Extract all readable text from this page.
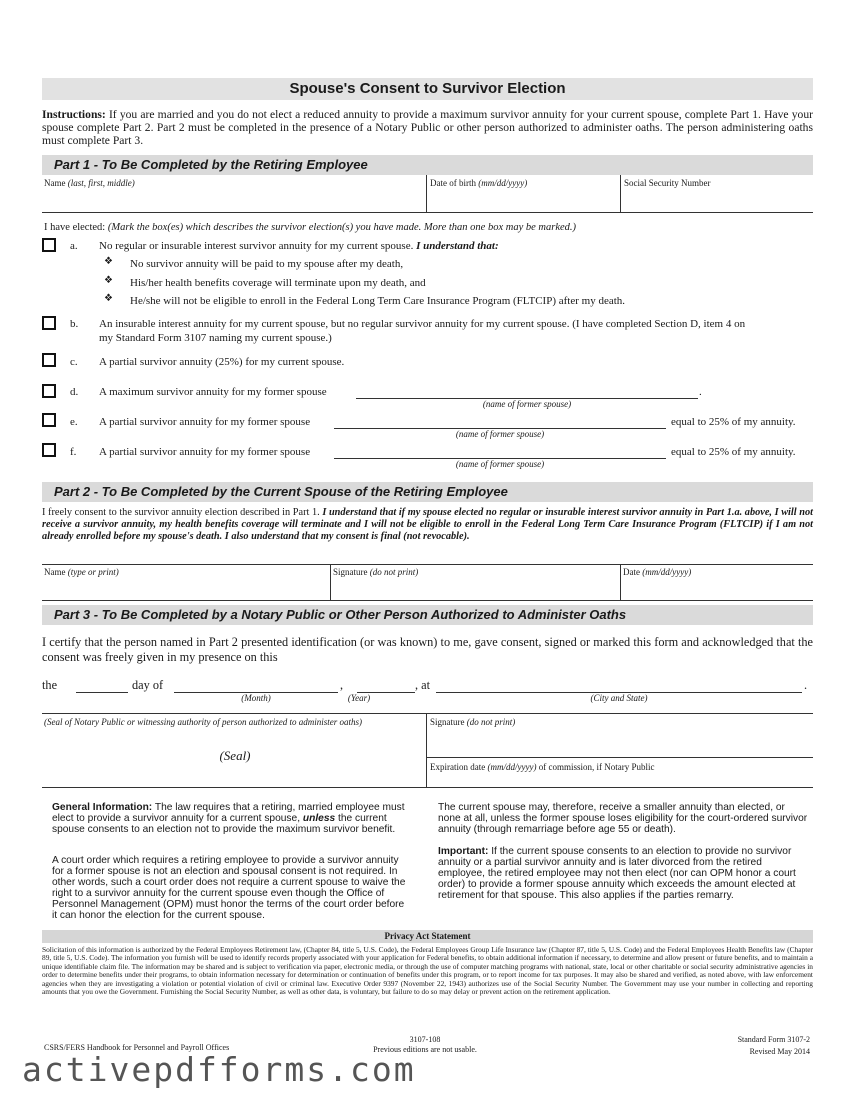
Spouse's Consent to Survivor Election
Instructions: If you are married and you do not elect a reduced annuity to provide a maximum survivor annuity for your current spouse, complete Part 1. Have your spouse complete Part 2. Part 2 must be completed in the presence of a Notary Public or other person authorized to administer oaths. The person administering oaths must complete Part 3.
Part 1 - To Be Completed by the Retiring Employee
Name (last, first, middle)	Date of birth (mm/dd/yyyy)	Social Security Number
I have elected: (Mark the box(es) which describes the survivor election(s) you have made. More than one box may be marked.)
a. No regular or insurable interest survivor annuity for my current spouse. I understand that:
❖ No survivor annuity will be paid to my spouse after my death,
❖ His/her health benefits coverage will terminate upon my death, and
❖ He/she will not be eligible to enroll in the Federal Long Term Care Insurance Program (FLTCIP) after my death.
b. An insurable interest annuity for my current spouse, but no regular survivor annuity for my current spouse. (I have completed Section D, item 4 on
my Standard Form 3107 naming my current spouse.)
c. A partial survivor annuity (25%) for my current spouse.
d. A maximum survivor annuity for my former spouse	.
(name of former spouse)
e. A partial survivor annuity for my former spouse	equal to 25% of my annuity.
(name of former spouse)
f. A partial survivor annuity for my former spouse	equal to 25% of my annuity.
(name of former spouse)
Part 2 - To Be Completed by the Current Spouse of the Retiring Employee
I freely consent to the survivor annuity election described in Part 1. I understand that if my spouse elected no regular or insurable interest survivor annuity in Part 1.a. above, I will not receive a survivor annuity, my health benefits coverage will terminate and I will not be eligible to enroll in the Federal Long Term Care Insurance Program (FLTCIP) if I am not already enrolled before my spouse's death. I also understand that my consent is final (not revocable).
Name (type or print)	Signature (do not print)	Date (mm/dd/yyyy)
Part 3 - To Be Completed by a Notary Public or Other Person Authorized to Administer Oaths
I certify that the person named in Part 2 presented identification (or was known) to me, gave consent, signed or marked this form and acknowledged that the consent was freely given in my presence on this
the	day of	,	, at	.
(Month)	(Year)	(City and State)
(Seal of Notary Public or witnessing authority of person authorized to administer oaths)	Signature (do not print)
(Seal)
Expiration date (mm/dd/yyyy) of commission, if Notary Public
General Information: The law requires that a retiring, married employee must elect to provide a survivor annuity for a current spouse, unless the current spouse consents to an election not to provide the maximum survivor benefit.
A court order which requires a retiring employee to provide a survivor annuity for a former spouse is not an election and spousal consent is not required. In other words, such a court order does not require a current spouse to waive the right to a survivor annuity for the current spouse even though the Office of Personnel Management (OPM) must honor the terms of the court order before it can honor the election for the current spouse.
The current spouse may, therefore, receive a smaller annuity than elected, or none at all, unless the former spouse loses eligibility for the court-ordered survivor annuity (through remarriage before age 55 or death).
Important: If the current spouse consents to an election to provide no survivor annuity or a partial survivor annuity and is later divorced from the retired employee, the retired employee may not then elect (nor can OPM honor a court order) to provide a former spouse annuity which exceeds the amount elected at retirement for that spouse. This also applies if the parties remarry.
Privacy Act Statement
Solicitation of this information is authorized by the Federal Employees Retirement law, (Chapter 84, title 5, U.S. Code), the Federal Employees Group Life Insurance law (Chapter 87, title 5, U.S. Code) and the Federal Employees Health Benefits law (Chapter 89, title 5, U.S. Code). The information you furnish will be used to identify records properly associated with your application for Federal benefits, to obtain additional information if necessary, to determine and allow present or future benefits, and to maintain a unique identifiable claim file. The information may be shared and is subject to verification via paper, electronic media, or through the use of computer matching programs with national, state, local or other charitable or social security administrative agencies in order to determine benefits under their programs, to obtain information necessary for determination or continuation of benefits under this program, or to report income for tax purposes. It may also be shared and verified, as noted above, with law enforcement agencies when they are investigating a violation or potential violation of civil or criminal law. Executive Order 9397 (November 22, 1943) authorizes use of the Social Security Number. The Government may use your number in collecting and reporting amounts that you owe the Government. Furnishing the Social Security Number, as well as other data, is voluntary, but failure to do so may delay or prevent action on the retirement application.
CSRS/FERS Handbook for Personnel and Payroll Offices
3107-108
Previous editions are not usable.
Standard Form 3107-2
Revised May 2014
activepdfforms.com
